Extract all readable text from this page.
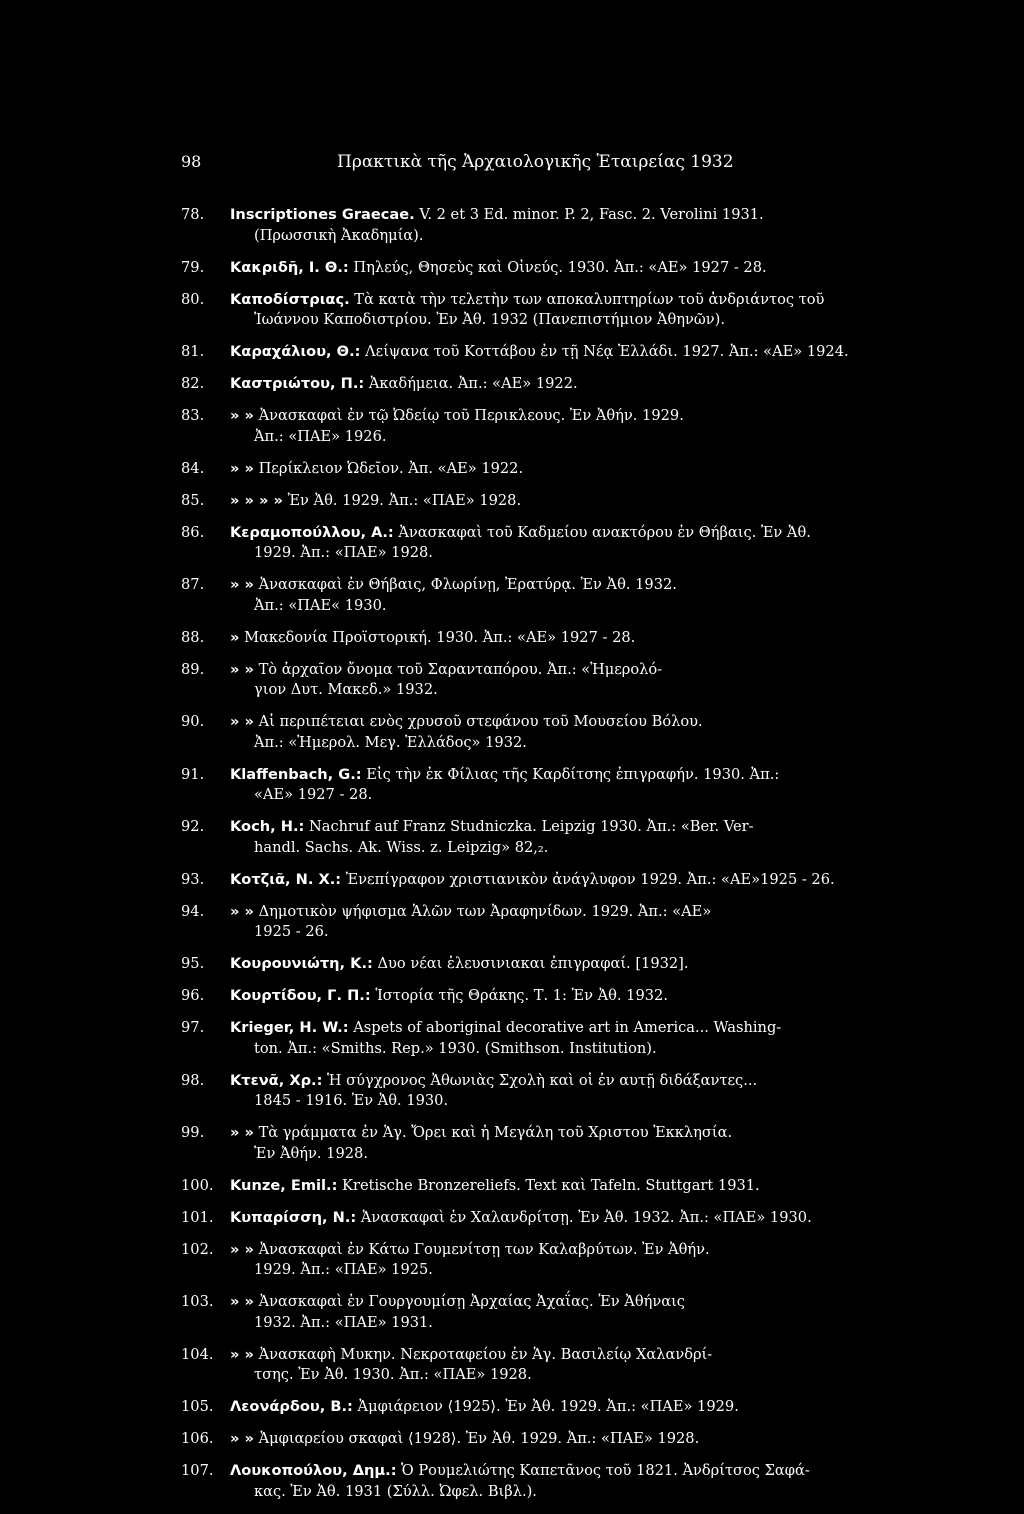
98	Πρακτικὰ τῆς Ἀρχαιολογικῆς Ἑταιρείας 1932
78.	Inscriptiones Graecae. V. 2 et 3 Ed. minor. P. 2, Fasc. 2. Verolini 1931.
(Πρωσσικὴ Ἀκαδημία).
79.	Κακριδῆ, Ι. Θ.: Πηλεύς, Θησεὺς καὶ Οἰνεύς. 1930. Ἀπ.: «ΑΕ» 1927 - 28.
80.	Καποδίστριας. Τὰ κατὰ τὴν τελετὴν των αποκαλυπτηρίων τοῦ ἀνδριάντος τοῦ
Ἰωάννου Καποδιστρίου. Ἐν Ἀθ. 1932 (Πανεπιστήμιον Ἀθηνῶν).
81.	Καραχάλιου, Θ.: Λείψανα τοῦ Κοττάβου ἐν τῇ Νέᾳ Ἑλλάδι. 1927. Ἀπ.: «ΑΕ» 1924.
82.	Καστριώτου, Π.: Ἀκαδήμεια. Ἀπ.: «ΑΕ» 1922.
83.	» » Ἀνασκαφαὶ ἐν τῷ Ὠδείῳ τοῦ Περικλεους. Ἐν Ἀθήν. 1929.
Ἀπ.: «ΠΑΕ» 1926.
84.	» » Περίκλειον Ὠδεῖον. Ἀπ. «ΑΕ» 1922.
85.	» » » » Ἐν Ἀθ. 1929. Ἀπ.: «ΠΑΕ» 1928.
86.	Κεραμοπούλλου, Α.: Ἀνασκαφαὶ τοῦ Καδμείου ανακτόρου ἐν Θήβαις. Ἐν Ἀθ.
1929. Ἀπ.: «ΠΑΕ» 1928.
87.	» » Ἀνασκαφαὶ ἐν Θήβαις, Φλωρίνῃ, Ἐρατύρᾳ. Ἐν Ἀθ. 1932.
Ἀπ.: «ΠΑΕ« 1930.
88.	» Μακεδονία Προϊστορική. 1930. Ἀπ.: «ΑΕ» 1927 - 28.
89.	» » Τὸ ἀρχαῖον ὄνομα τοῦ Σαρανταπόρου. Ἀπ.: «Ἡμερολό-
γιον Δυτ. Μακεδ.» 1932.
90.	» » Αἱ περιπέτειαι ενὸς χρυσοῦ στεφάνου τοῦ Μουσείου Βόλου.
Ἀπ.: «Ἡμερολ. Μεγ. Ἑλλάδος» 1932.
91.	Klaffenbach, G.: Εἰς τὴν ἐκ Φίλιας τῆς Καρδίτσης ἐπιγραφήν. 1930. Ἀπ.:
«ΑΕ» 1927 - 28.
92.	Koch, H.: Nachruf auf Franz Studniczka. Leipzig 1930. Ἀπ.: «Ber. Ver-
handl. Sachs. Ak. Wiss. z. Leipzig» 82,₂.
93.	Κοτζιᾶ, Ν. Χ.: Ἐνεπίγραφον χριστιανικὸν ἀνάγλυφον 1929. Ἀπ.: «ΑΕ»1925 - 26.
94.	» » Δημοτικὸν ψήφισμα Ἁλῶν των Ἀραφηνίδων. 1929. Ἀπ.: «ΑΕ»
1925 - 26.
95.	Κουρουνιώτη, Κ.: Δυο νέαι ἐλευσινιακαι ἐπιγραφαί. [1932].
96.	Κουρτίδου, Γ. Π.: Ἱστορία τῆς Θράκης. Τ. 1: Ἐν Ἀθ. 1932.
97.	Krieger, H. W.: Aspets of aboriginal decorative art in America... Washing-
ton. Ἀπ.: «Smiths. Rep.» 1930. (Smithson. Institution).
98.	Κτενᾶ, Χρ.: Ἡ σύγχρονος Ἀθωνιὰς Σχολὴ καὶ οἱ ἐν αυτῇ διδάξαντες...
1845 - 1916. Ἐν Ἀθ. 1930.
99.	» » Τὰ γράμματα ἐν Ἁγ. Ὄρει καὶ ἡ Μεγάλη τοῦ Χριστου Ἐκκλησία.
Ἐν Ἀθήν. 1928.
100.	Kunze, Emil.: Kretische Bronzereliefs. Text καὶ Tafeln. Stuttgart 1931.
101.	Κυπαρίσση, Ν.: Ἀνασκαφαὶ ἐν Χαλανδρίτσῃ. Ἐν Ἀθ. 1932. Ἀπ.: «ΠΑΕ» 1930.
102.	» » Ἀνασκαφαὶ ἐν Κάτω Γουμενίτσῃ των Καλαβρύτων. Ἐν Ἀθήν.
1929. Ἀπ.: «ΠΑΕ» 1925.
103.	» » Ἀνασκαφαὶ ἐν Γουργουμίσῃ Ἀρχαίας Ἀχαΐας. Ἐν Ἀθήναις
1932. Ἀπ.: «ΠΑΕ» 1931.
104.	» » Ἀνασκαφὴ Μυκην. Νεκροταφείου ἐν Ἁγ. Βασιλείῳ Χαλανδρί-
τσης. Ἐν Ἀθ. 1930. Ἀπ.: «ΠΑΕ» 1928.
105.	Λεονάρδου, Β.: Ἀμφιάρειον ⟨1925⟩. Ἐν Ἀθ. 1929. Ἀπ.: «ΠΑΕ» 1929.
106.	» » Ἀμφιαρείου σκαφαὶ ⟨1928⟩. Ἐν Ἀθ. 1929. Ἀπ.: «ΠΑΕ» 1928.
107.	Λουκοπούλου, Δημ.: Ὁ Ρουμελιώτης Καπετᾶνος τοῦ 1821. Ἀνδρίτσος Σαφά-
κας. Ἐν Ἀθ. 1931 (Σύλλ. Ὠφελ. Βιβλ.).
